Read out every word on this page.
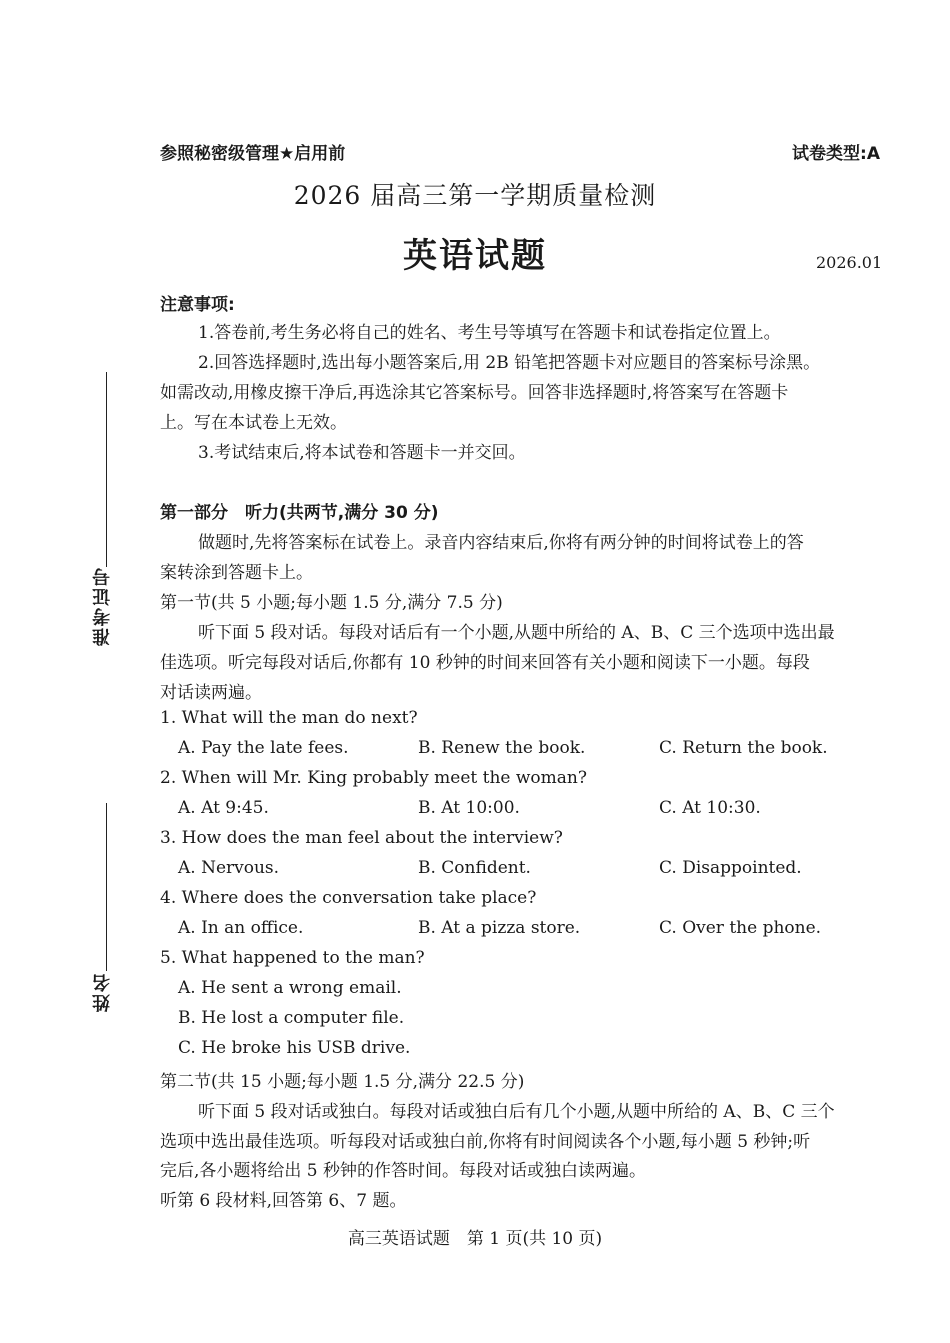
准考证号
姓名
参照秘密级管理★启用前	试卷类型:A
2026 届高三第一学期质量检测
英语试题	2026.01
注意事项:
1.答卷前,考生务必将自己的姓名、考生号等填写在答题卡和试卷指定位置上。
2.回答选择题时,选出每小题答案后,用 2B 铅笔把答题卡对应题目的答案标号涂黑。
如需改动,用橡皮擦干净后,再选涂其它答案标号。回答非选择题时,将答案写在答题卡
上。写在本试卷上无效。
3.考试结束后,将本试卷和答题卡一并交回。
第一部分　听力(共两节,满分 30 分)
做题时,先将答案标在试卷上。录音内容结束后,你将有两分钟的时间将试卷上的答
案转涂到答题卡上。
第一节(共 5 小题;每小题 1.5 分,满分 7.5 分)
听下面 5 段对话。每段对话后有一个小题,从题中所给的 A、B、C 三个选项中选出最
佳选项。听完每段对话后,你都有 10 秒钟的时间来回答有关小题和阅读下一小题。每段
对话读两遍。
1. What will the man do next?
A. Pay the late fees.	B. Renew the book.	C. Return the book.
2. When will Mr. King probably meet the woman?
A. At 9:45.	B. At 10:00.	C. At 10:30.
3. How does the man feel about the interview?
A. Nervous.	B. Confident.	C. Disappointed.
4. Where does the conversation take place?
A. In an office.	B. At a pizza store.	C. Over the phone.
5. What happened to the man?
A. He sent a wrong email.
B. He lost a computer file.
C. He broke his USB drive.
第二节(共 15 小题;每小题 1.5 分,满分 22.5 分)
听下面 5 段对话或独白。每段对话或独白后有几个小题,从题中所给的 A、B、C 三个
选项中选出最佳选项。听每段对话或独白前,你将有时间阅读各个小题,每小题 5 秒钟;听
完后,各小题将给出 5 秒钟的作答时间。每段对话或独白读两遍。
听第 6 段材料,回答第 6、7 题。
高三英语试题　第 1 页(共 10 页)
